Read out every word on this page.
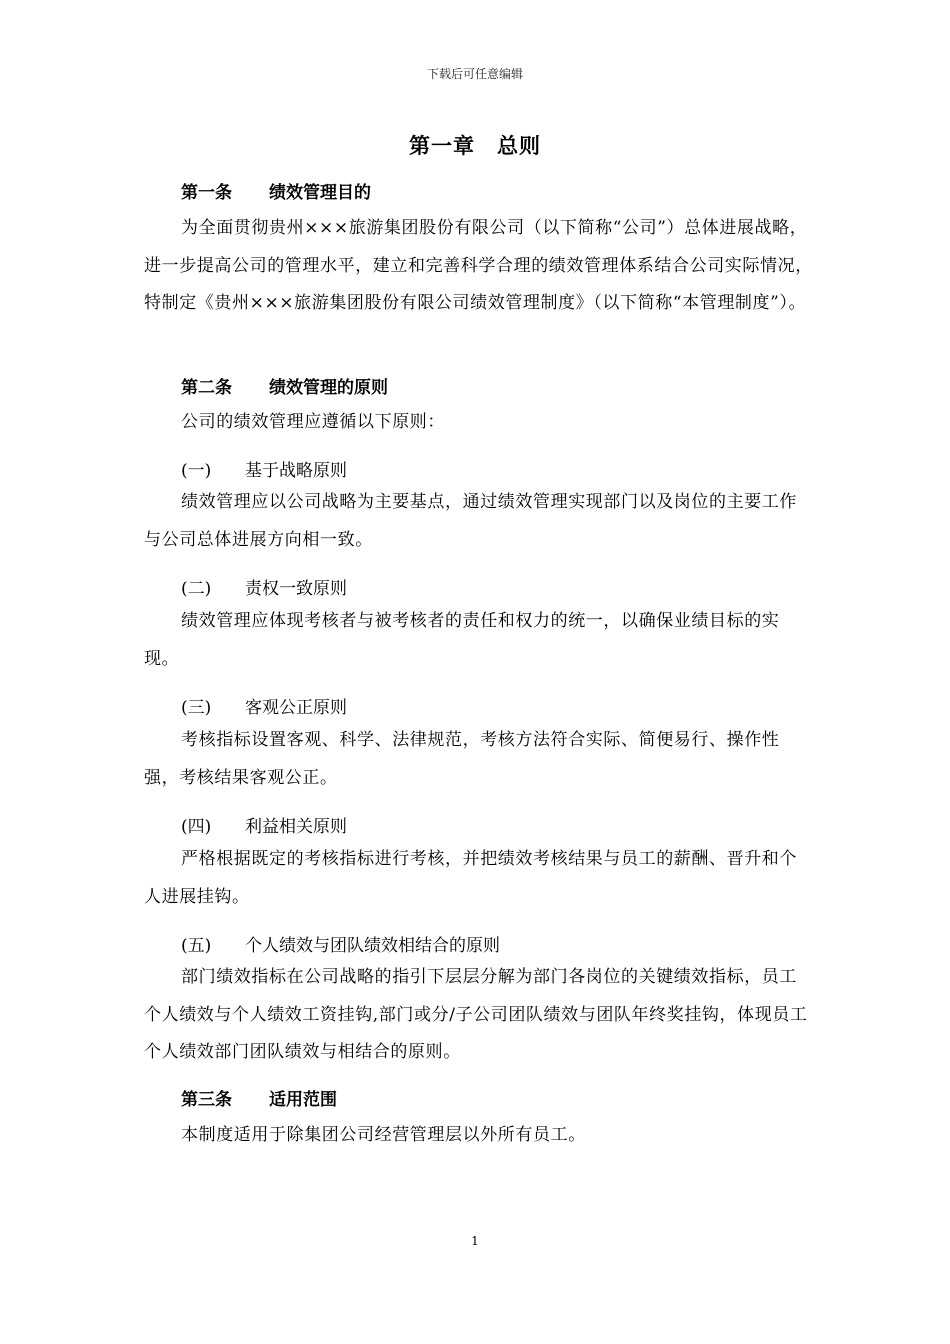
下载后可任意编辑
第一章 总则
第一条 绩效管理目的
为全面贯彻贵州×××旅游集团股份有限公司（以下简称“公司”）总体进展战略，进一步提高公司的管理水平，建立和完善科学合理的绩效管理体系结合公司实际情况，特制定《贵州×××旅游集团股份有限公司绩效管理制度》（以下简称“本管理制度”）。
第二条 绩效管理的原则
公司的绩效管理应遵循以下原则：
(一) 基于战略原则
绩效管理应以公司战略为主要基点，通过绩效管理实现部门以及岗位的主要工作与公司总体进展方向相一致。
(二) 责权一致原则
绩效管理应体现考核者与被考核者的责任和权力的统一，以确保业绩目标的实现。
(三) 客观公正原则
考核指标设置客观、科学、法律规范，考核方法符合实际、简便易行、操作性强，考核结果客观公正。
(四) 利益相关原则
严格根据既定的考核指标进行考核，并把绩效考核结果与员工的薪酬、晋升和个人进展挂钩。
(五) 个人绩效与团队绩效相结合的原则
部门绩效指标在公司战略的指引下层层分解为部门各岗位的关键绩效指标，员工个人绩效与个人绩效工资挂钩,部门或分/子公司团队绩效与团队年终奖挂钩，体现员工个人绩效部门团队绩效与相结合的原则。
第三条 适用范围
本制度适用于除集团公司经营管理层以外所有员工。
1
